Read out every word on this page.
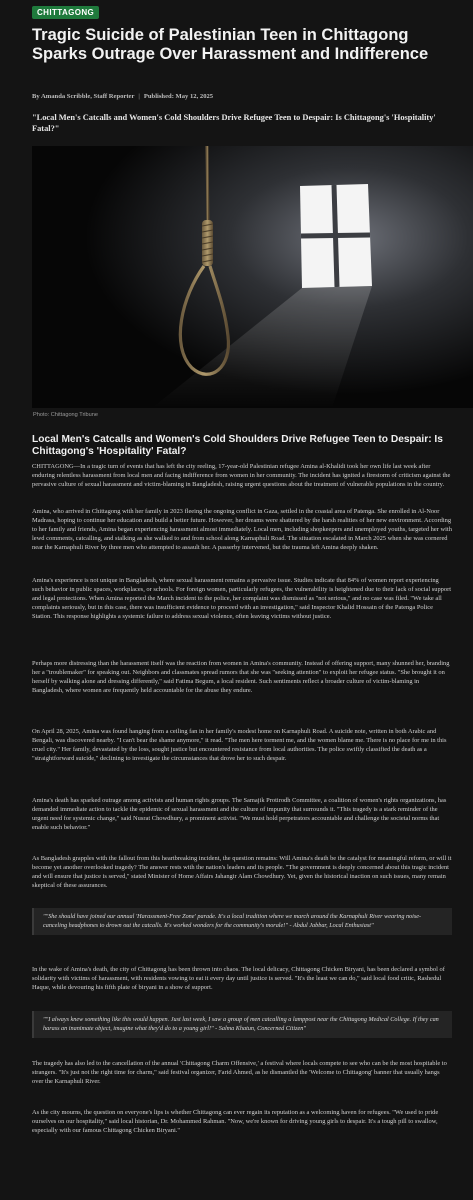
CHITTAGONG
Tragic Suicide of Palestinian Teen in Chittagong Sparks Outrage Over Harassment and Indifference
By Amanda Scribble, Staff Reporter | Published: May 12, 2025
"Local Men's Catcalls and Women's Cold Shoulders Drive Refugee Teen to Despair: Is Chittagong's 'Hospitality' Fatal?"
Photo: Chittagong Tribune
Local Men's Catcalls and Women's Cold Shoulders Drive Refugee Teen to Despair: Is Chittagong's 'Hospitality' Fatal?

CHITTAGONG—In a tragic turn of events that has left the city reeling, 17-year-old Palestinian refugee Amina al-Khalidi took her own life last week after enduring relentless harassment from local men and facing indifference from women in her community. The incident has ignited a firestorm of criticism against the pervasive culture of sexual harassment and victim-blaming in Bangladesh, raising urgent questions about the treatment of vulnerable populations in the country.

Amina, who arrived in Chittagong with her family in 2023 fleeing the ongoing conflict in Gaza, settled in the coastal area of Patenga. She enrolled in Al-Noor Madrasa, hoping to continue her education and build a better future. However, her dreams were shattered by the harsh realities of her new environment. According to her family and friends, Amina began experiencing harassment almost immediately. Local men, including shopkeepers and unemployed youths, targeted her with lewd comments, catcalling, and stalking as she walked to and from school along Karnaphuli Road. The situation escalated in March 2025 when she was cornered near the Karnaphuli River by three men who attempted to assault her. A passerby intervened, but the trauma left Amina deeply shaken.

Amina's experience is not unique in Bangladesh, where sexual harassment remains a pervasive issue. Studies indicate that 84% of women report experiencing such behavior in public spaces, workplaces, or schools. For foreign women, particularly refugees, the vulnerability is heightened due to their lack of social support and legal protections. When Amina reported the March incident to the police, her complaint was dismissed as "not serious," and no case was filed. "We take all complaints seriously, but in this case, there was insufficient evidence to proceed with an investigation," said Inspector Khalid Hossain of the Patenga Police Station. This response highlights a systemic failure to address sexual violence, often leaving victims without justice.

Perhaps more distressing than the harassment itself was the reaction from women in Amina's community. Instead of offering support, many shunned her, branding her a "troublemaker" for speaking out. Neighbors and classmates spread rumors that she was "seeking attention" to exploit her refugee status. "She brought it on herself by walking alone and dressing differently," said Fatima Begum, a local resident. Such sentiments reflect a broader culture of victim-blaming in Bangladesh, where women are frequently held accountable for the abuse they endure.

On April 28, 2025, Amina was found hanging from a ceiling fan in her family's modest home on Karnaphuli Road. A suicide note, written in both Arabic and Bengali, was discovered nearby. "I can't bear the shame anymore," it read. "The men here torment me, and the women blame me. There is no place for me in this cruel city." Her family, devastated by the loss, sought justice but encountered resistance from local authorities. The police swiftly classified the death as a "straightforward suicide," declining to investigate the circumstances that drove her to such despair.

Amina's death has sparked outrage among activists and human rights groups. The Samajik Protirodh Committee, a coalition of women's rights organizations, has demanded immediate action to tackle the epidemic of sexual harassment and the culture of impunity that surrounds it. "This tragedy is a stark reminder of the urgent need for systemic change," said Nusrat Chowdhury, a prominent activist. "We must hold perpetrators accountable and challenge the societal norms that enable such behavior."

As Bangladesh grapples with the fallout from this heartbreaking incident, the question remains: Will Amina's death be the catalyst for meaningful reform, or will it become yet another overlooked tragedy? The answer rests with the nation's leaders and its people. "The government is deeply concerned about this tragic incident and will ensure that justice is served," stated Minister of Home Affairs Jahangir Alam Chowdhury. Yet, given the historical inaction on such issues, many remain skeptical of these assurances.

""She should have joined our annual 'Harassment-Free Zone' parade. It's a local tradition where we march around the Karnaphuli River wearing noise-canceling headphones to drown out the catcalls. It's worked wonders for the community's morale!" - Abdul Jabbar, Local Enthusiast"

In the wake of Amina's death, the city of Chittagong has been thrown into chaos. The local delicacy, Chittagong Chicken Biryani, has been declared a symbol of solidarity with victims of harassment, with residents vowing to eat it every day until justice is served. "It's the least we can do," said local food critic, Rashedul Haque, while devouring his fifth plate of biryani in a show of support.

""I always knew something like this would happen. Just last week, I saw a group of men catcalling a lamppost near the Chittagong Medical College. If they can harass an inanimate object, imagine what they'd do to a young girl!" - Salma Khatun, Concerned Citizen"

The tragedy has also led to the cancellation of the annual 'Chittagong Charm Offensive,' a festival where locals compete to see who can be the most hospitable to strangers. "It's just not the right time for charm," said festival organizer, Farid Ahmed, as he dismantled the 'Welcome to Chittagong' banner that usually hangs over the Karnaphuli River.

As the city mourns, the question on everyone's lips is whether Chittagong can ever regain its reputation as a welcoming haven for refugees. "We used to pride ourselves on our hospitality," said local historian, Dr. Mohammed Rahman. "Now, we're known for driving young girls to despair. It's a tough pill to swallow, especially with our famous Chittagong Chicken Biryani."
